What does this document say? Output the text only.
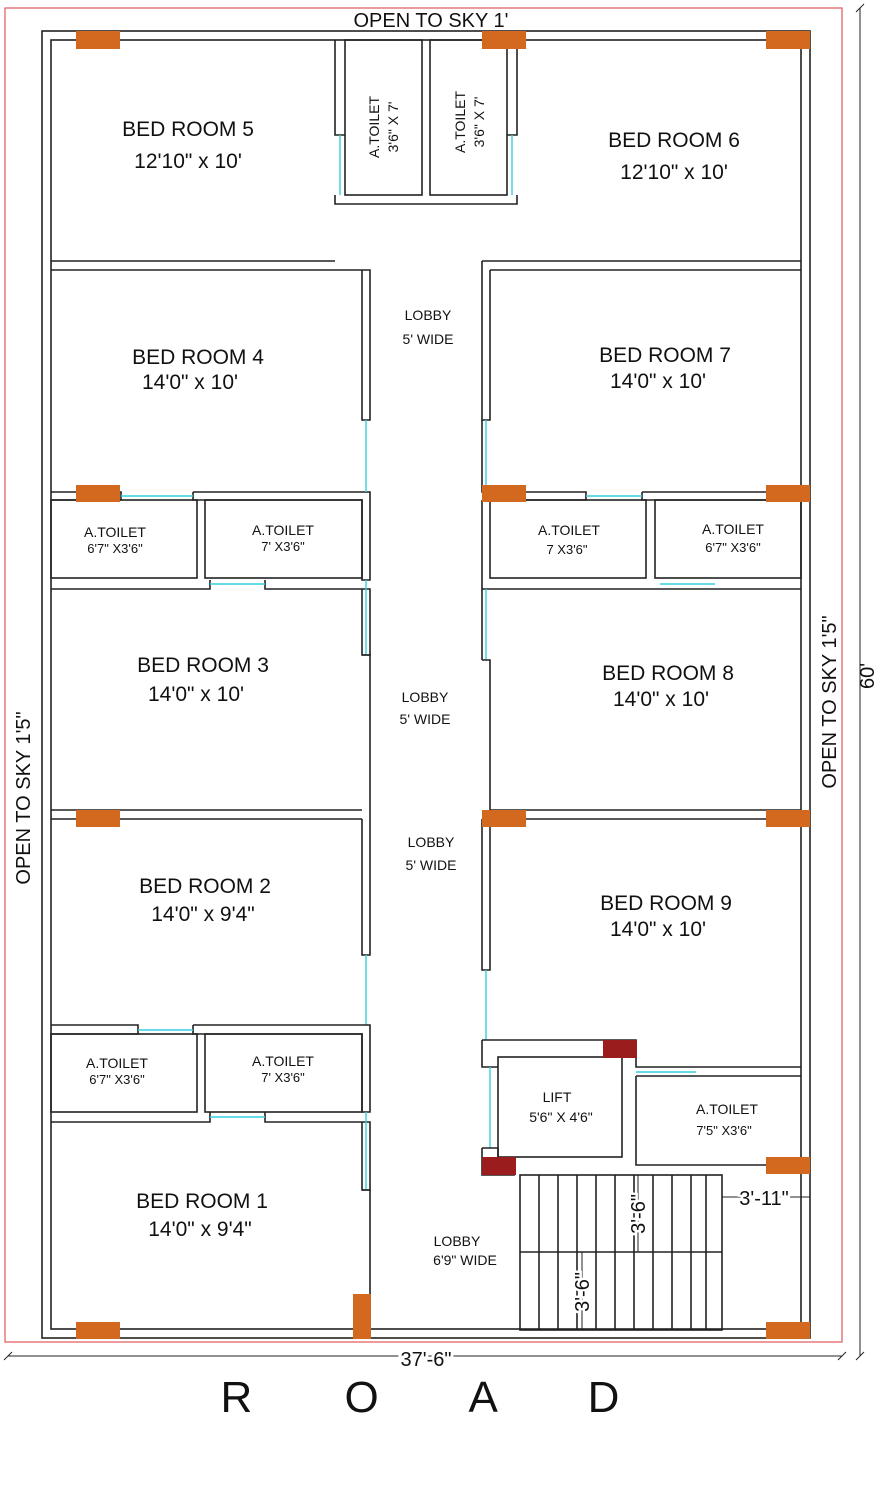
OPEN TO SKY 1'
OPEN TO SKY 1'5"
OPEN TO SKY 1'5" 60'
37'-6"
R O A D
BED ROOM 5
12'10" x 10'
BED ROOM 6
12'10" x 10'
BED ROOM 4
14'0" x 10'
BED ROOM 7
14'0" x 10'
BED ROOM 3
14'0" x 10'
BED ROOM 8
14'0" x 10'
BED ROOM 2
14'0" x 9'4"	BED ROOM 9
14'0" x 10'
BED ROOM 1
14'0" x 9'4"
A.TOILET 3'6" X 7'	A.TOILET 3'6" X 7'
A.TOILET
6'7" X3'6"
A.TOILET
7' X3'6"
A.TOILET
7 X3'6"
A.TOILET
6'7" X3'6"
A.TOILET
6'7" X3'6"
A.TOILET
7' X3'6"
A.TOILET
7'5" X3'6"
LOBBY
5' WIDE
LOBBY
5' WIDE
LOBBY
5' WIDE
LOBBY
6'9" WIDE
LIFT
5'6" X 4'6"
3'-6"
3'-6"	3'-11"
